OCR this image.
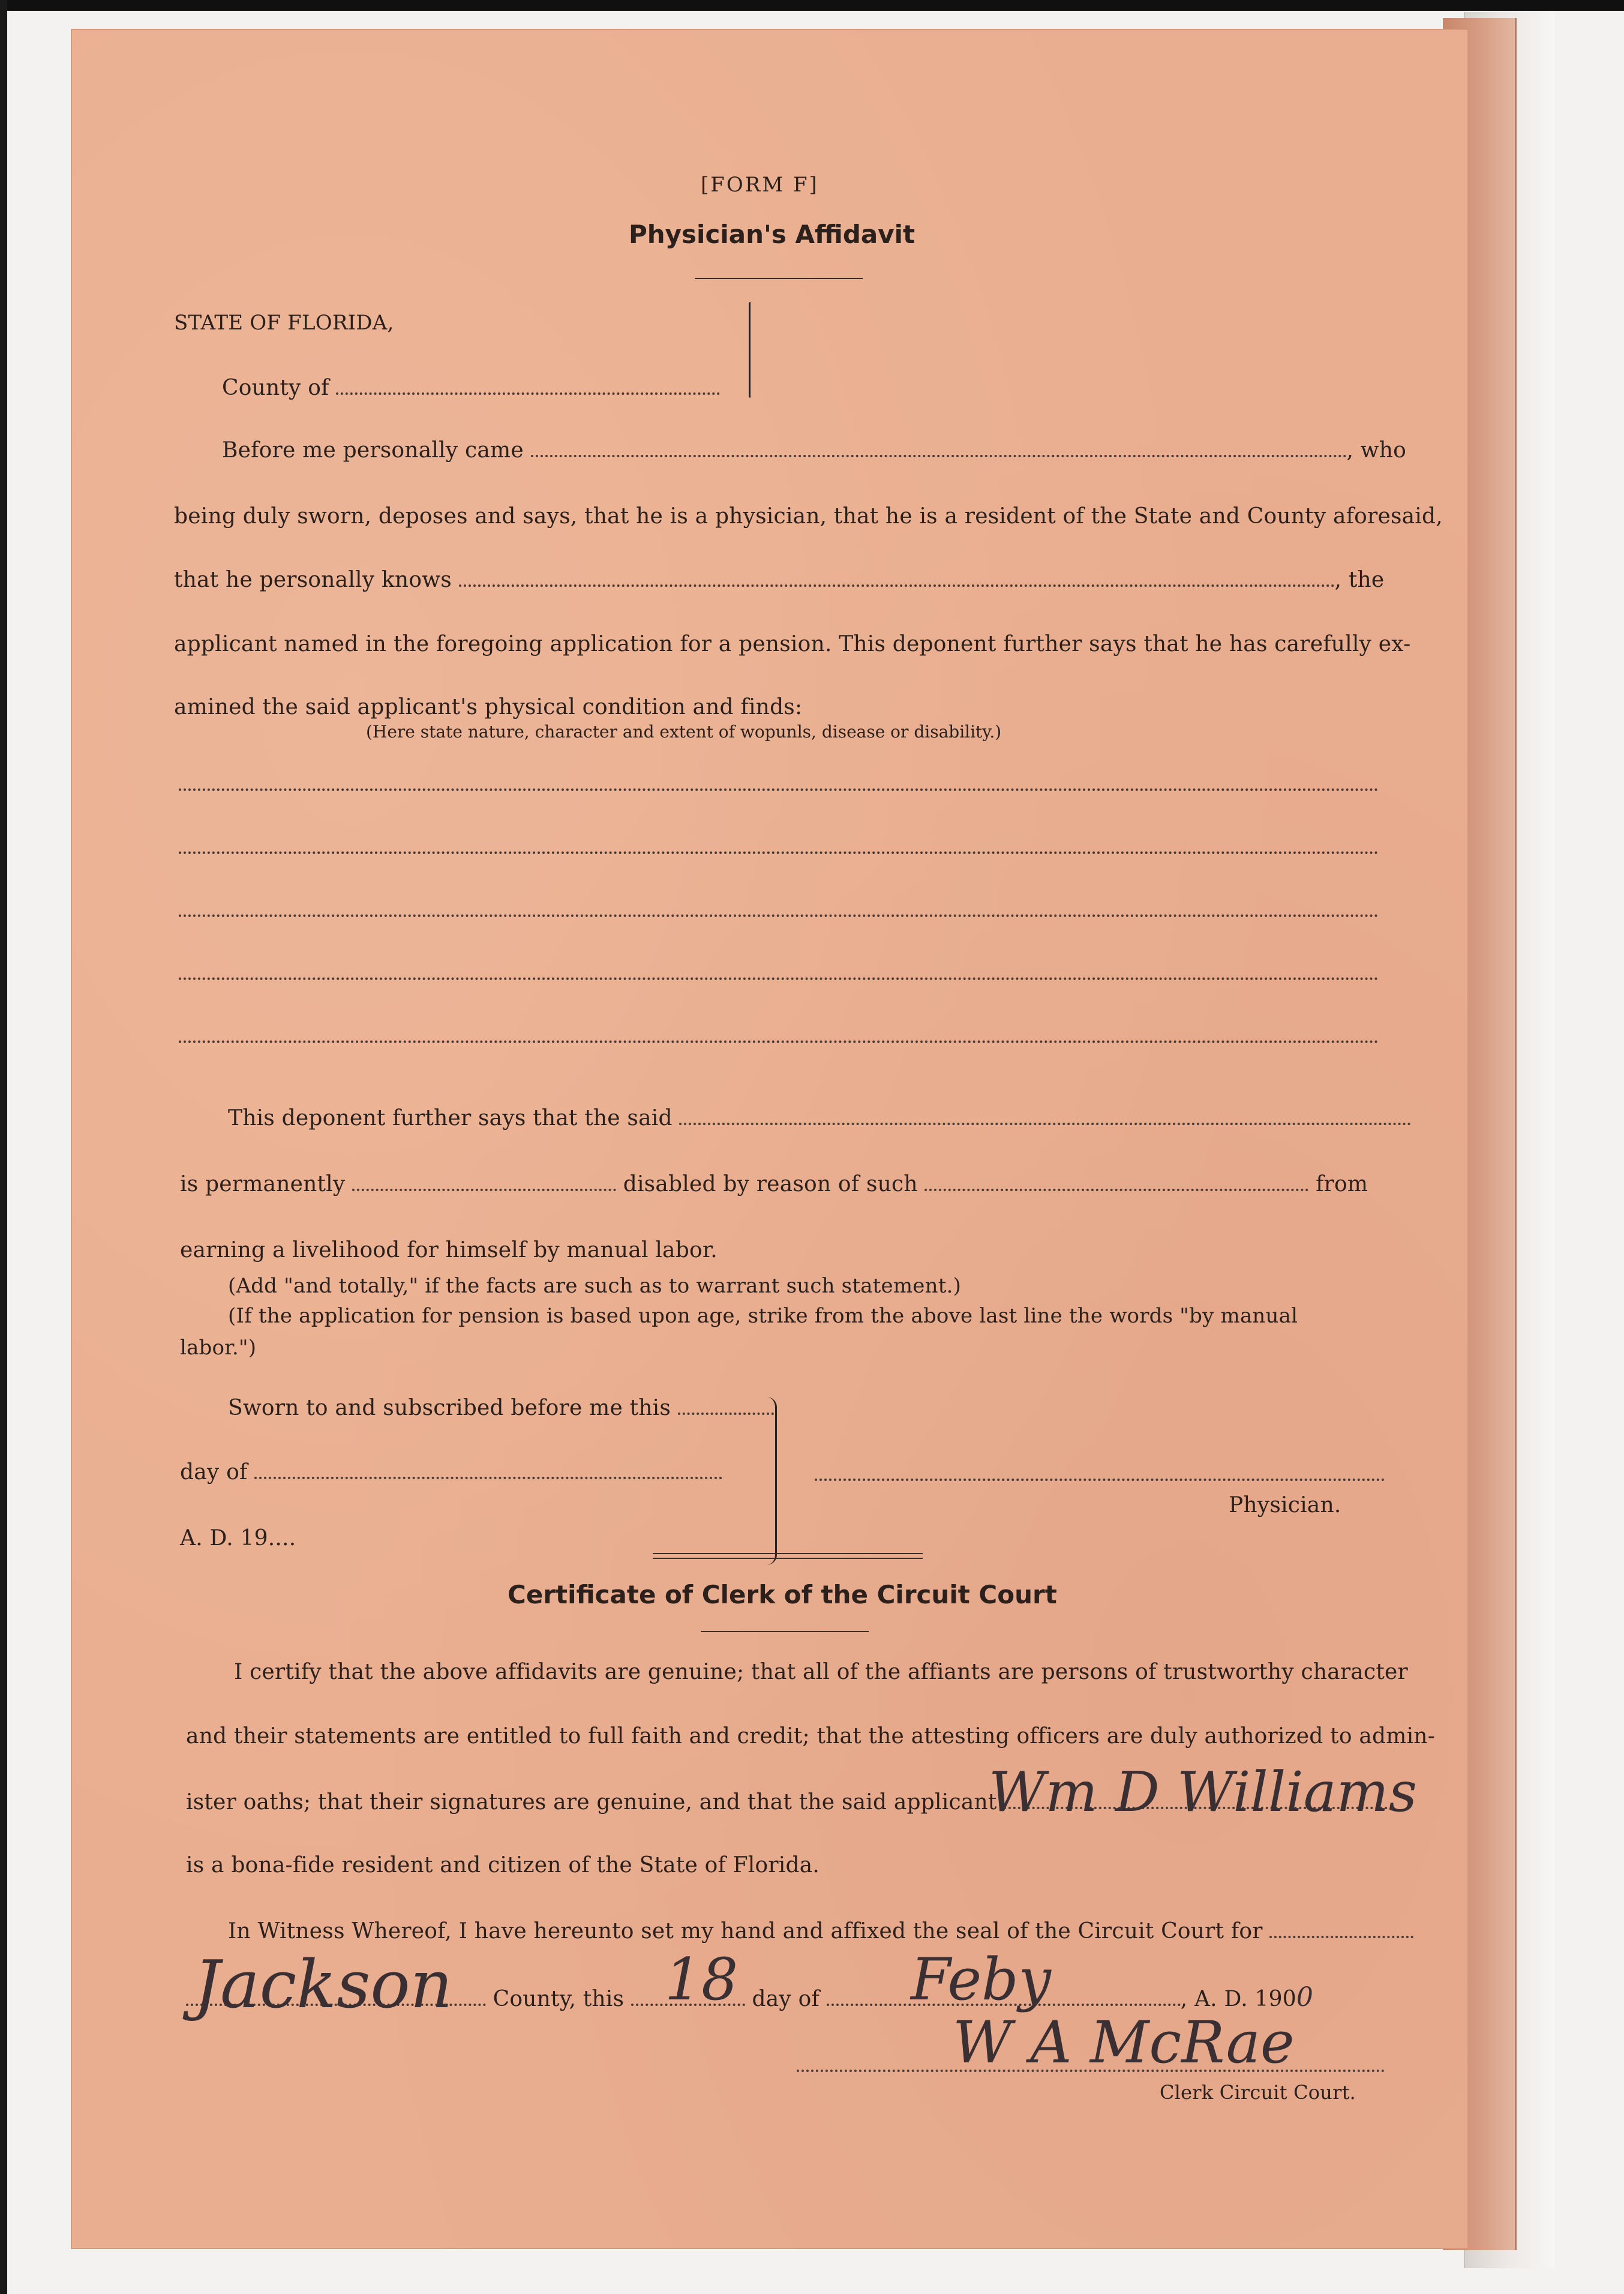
[FORM F]
Physician's Affidavit
STATE OF FLORIDA,
County of
Before me personally came	, who
being duly sworn, deposes and says, that he is a physician, that he is a resident of the State and County aforesaid,
that he personally knows	, the
applicant named in the foregoing application for a pension. This deponent further says that he has carefully ex-
amined the said applicant's physical condition and finds:
(Here state nature, character and extent of wopunls, disease or disability.)
This deponent further says that the said
is permanently	disabled by reason of such	from
earning a livelihood for himself by manual labor.
(Add "and totally," if the facts are such as to warrant such statement.)
(If the application for pension is based upon age, strike from the above last line the words "by manual
labor.")
Sworn to and subscribed before me this
day of
A. D. 19....
Physician.
Certificate of Clerk of the Circuit Court
I certify that the above affidavits are genuine; that all of the affiants are persons of trustworthy character
and their statements are entitled to full faith and credit; that the attesting officers are duly authorized to admin-
ister oaths; that their signatures are genuine, and that the said applicant
Wm D Williams
is a bona-fide resident and citizen of the State of Florida.
In Witness Whereof, I have hereunto set my hand and affixed the seal of the Circuit Court for
County, this	day of	, A. D. 1900
Jackson	18	Feby
W A McRae
Clerk Circuit Court.
